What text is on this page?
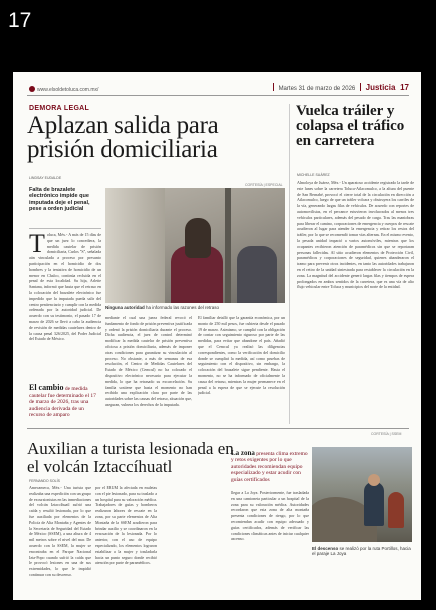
17
www.elsoldetoluca.com.mx/	Martes 31 de marzo de 2026 Justicia 17
DEMORA LEGAL
Aplazan salida para prisión domiciliaria
LINDSAY EUDALDE
CORTESÍA | ESPECIAL
Falta de brazalete electrónico impide que imputada deje el penal, pese a orden judicial
Ninguna autoridad ha informado las razones del retraso
Toluca, Méx.- A más de 15 días de que un juez lo concediera, la medida cautelar de prisión domiciliaria, Carlos "S", señalada aún vinculada a proceso por presunto participación en el homicidio de dos hombres y la tentativa de homicidio de un menor en Chalco, continúa recluida en el penal de esta localidad. Su hija, Arlette Santana, informó que hasta que el retraso en la colocación del brazalete electrónico fue impedido que la imputada pueda salir del centro penitenciario y cumplir con la medida ordenada por la autoridad judicial. De acuerdo con su testimonio, el pasado 17 de marzo de 2026 se llevó a cabo la audiencia de revisión de medidas cautelares dentro de la causa penal 326/2025, del Poder Judicial del Estado de México.
El cambio de medida cautelar fue determinado el 17 de marzo de 2026, tras una audiencia derivada de un recurso de amparo
mediante el cual una jueza federal revocó el fundamento de fondo de prisión preventiva justificada y ordenó la prisión domiciliaria durante el proceso. Dicha audiencia, el juez de control determinó modificar la medida cautelar de prisión preventiva oficiosa a prisión domiciliaria, además de imponer otras condiciones para garantizar su vinculación al proceso. No obstante, a más de semanas de esa resolución, el Centro de Medidas Cautelares del Estado de México (Cemcul) no ha colocado el dispositivo electrónico necesario para ejecutar la medida, lo que ha retrasado su excarcelación. Su familia sostiene que hasta el momento no han recibido una explicación clara por parte de las autoridades sobre las causas del retraso, situación que, aseguran, vulnera los derechos de la imputada.
El familiar detalló que la garantía económica, por un monto de 250 mil pesos, fue cubierta desde el pasado 19 de marzo. Asimismo, se cumplió con la obligación de contar con seguimiento riguroso por parte de las medidas, para evitar que abandone el país. Añadió que el Cemcul ya realizó las diligencias correspondientes, como la verificación del domicilio donde se cumplirá la medida, así como pruebas de seguimiento con el dispositivo, sin embargo, la colocación del brazalete sigue pendiente. Hasta el momento, no se ha informado de oficialmente la causa del retraso, mientras la mujer permanece en el penal a la espera de que se ejecute la resolución judicial.
Vuelca tráiler y colapsa el tráfico en carretera
MICHELLE SUÁREZ
Almoloya de Juárez, Méx.- Un aparatoso accidente registrado la tarde de este lunes sobre la carretera Toluca-Atlacomulco, a la altura del puente de San Bernabé, provocó el cierre total de la circulación en dirección a Atlacomulco, luego de que un tráiler volcara y obstruyera los carriles de la vía, generando largas filas de vehículos. De acuerdo con reportes de automovilistas, en el percance estuvieron involucrados al menos tres vehículos particulares, además del pesado de carga. Tras las maniobras para liberar el camino, corporaciones de emergencia y cuerpos de rescate acudieron al lugar para atender la emergencia y retirar los restos del tráiler, por lo que se recomendó tomar vías alternas. En el mismo evento, la pesada unidad impactó a varios automóviles, mientras que los ocupantes recibieron atención de paramédicos sin que se reportaran personas fallecidas. Al sitio acudieron elementos de Protección Civil, paramédicos y corporaciones de seguridad, quienes abanderaron el tramo para prevenir otros incidentes, en tanto las autoridades trabajaron en el retiro de la unidad siniestrada para restablecer la circulación en la zona. La magnitud del accidente generó largas filas y tiempos de espera prolongados en ambos sentidos de la carretera, que es una vía de alto flujo vehicular entre Toluca y municipios del norte de la entidad.
CORTESÍA | SSEM
Auxilian a turista lesionada en el volcán Iztaccíhuatl
FERNANDO SOLÍS
Amecameca, Méx.- Una turista que realizaba una expedición con un grupo de excursionistas en las inmediaciones del volcán Iztaccíhuatl sufrió una caída y resultó lesionada, por lo que fue auxiliada por elementos de la Policía de Alta Montaña y Agentes de la Secretaría de Seguridad del Estado de México (SSEM), a una altura de 4 mil metros sobre el nivel del mar. De acuerdo con la SSEM, la mujer se encontraba en el Parque Nacional Izta-Popo cuando sufrió la caída que le provocó lesiones en una de sus extremidades, lo que le impidió continuar con su descenso.
por el ERUM la afectada en muletas con el pie lesionado, para su traslado a un hospital para su valoración médica. Trabajadores de guías y bomberos realizaron labores de rescate en la zona, por su parte elementos de Alta Montaña de la SSEM acudieron para brindar auxilio y se coordinaron en la evacuación de la lesionada. Por lo anterior, con el uso de equipo especializado, los elementos lograron estabilizar a la mujer y trasladarla hacia un punto seguro donde recibió atención por parte de paramédicos.
La zona presenta clima extremo y retos exigentes por lo que autoridades recomiendan equipo especializado y estar acudir con guías certificados
llegar a La Joya. Posteriormente, fue trasladada en una camioneta particular a un hospital de la zona para su valoración médica. Autoridades recordaron que esta zona de alta montaña presenta condiciones de riesgo, por lo que recomiendan acudir con equipo adecuado y guías certificados, además de verificar las condiciones climáticas antes de iniciar cualquier ascenso.
El descenso se realizó por la ruta Portillos, hacia el paraje La Joya
